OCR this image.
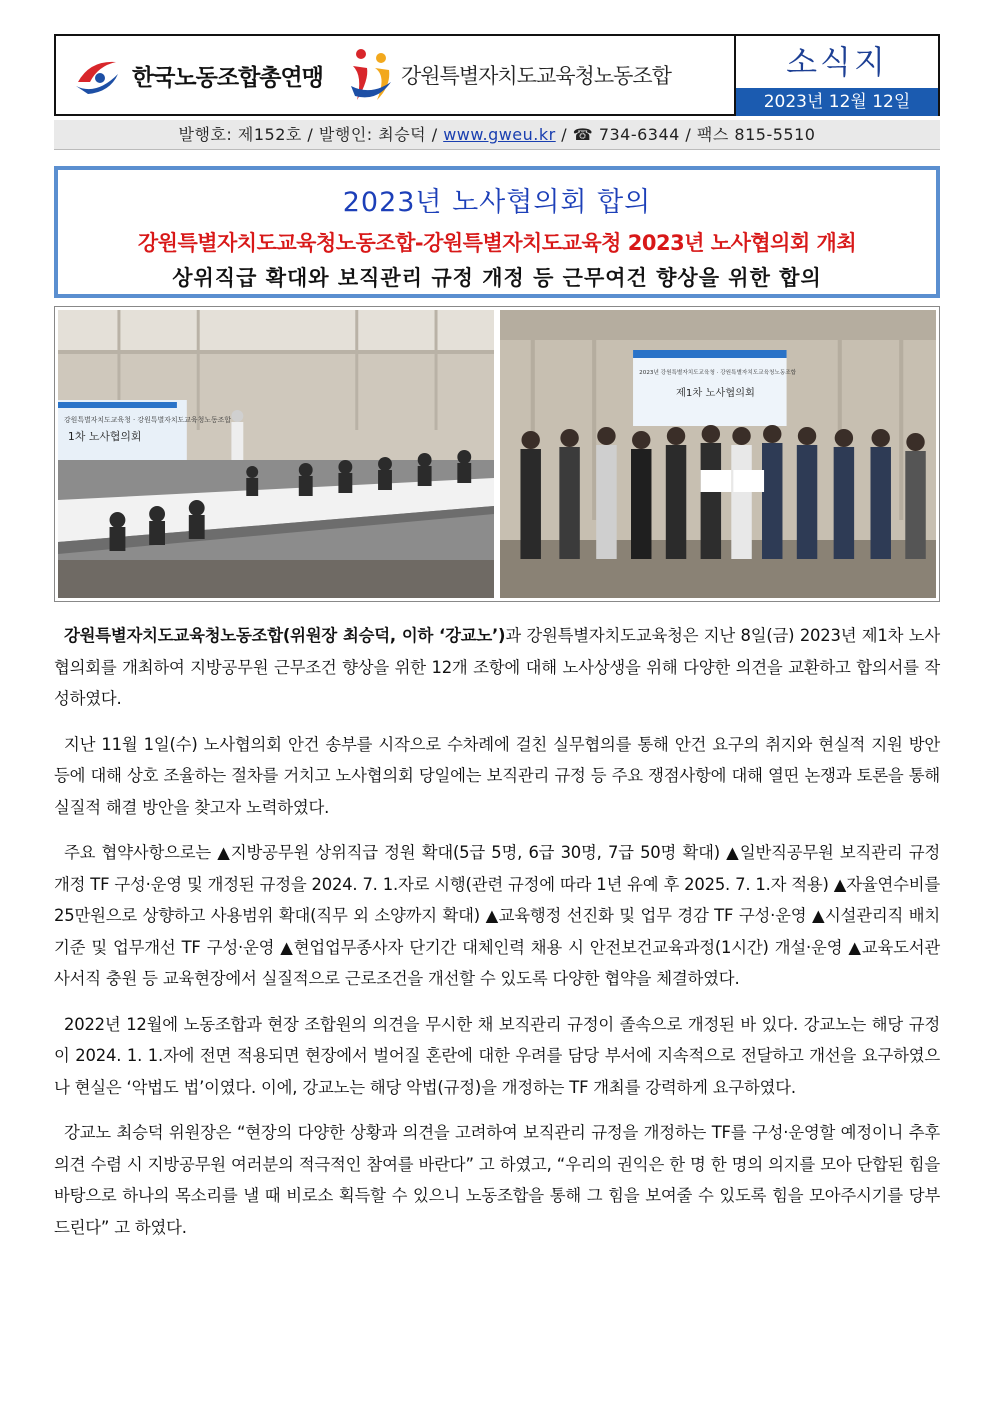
한국노동조합총연맹	강원특별자치도교육청노동조합	소식지
2023년 12월 12일
발행호: 제152호 / 발행인: 최승덕 / www.gweu.kr / ☎ 734-6344 / 팩스 815-5510
2023년 노사협의회 합의
강원특별자치도교육청노동조합-강원특별자치도교육청 2023년 노사협의회 개최
상위직급 확대와 보직관리 규정 개정 등 근무여건 향상을 위한 합의
강원특별자치도교육청 · 강원특별자치도교육청노동조합
1차 노사협의회
2023년 강원특별자치도교육청 · 강원특별자치도교육청노동조합
제1차 노사협의회

강원특별자치도교육청노동조합(위원장 최승덕, 이하 ‘강교노’)과 강원특별자치도교육청은 지난 8일(금) 2023년 제1차 노사협의회를 개최하여 지방공무원 근무조건 향상을 위한 12개 조항에 대해 노사상생을 위해 다양한 의견을 교환하고 합의서를 작성하였다.

지난 11월 1일(수) 노사협의회 안건 송부를 시작으로 수차례에 걸친 실무협의를 통해 안건 요구의 취지와 현실적 지원 방안 등에 대해 상호 조율하는 절차를 거치고 노사협의회 당일에는 보직관리 규정 등 주요 쟁점사항에 대해 열띤 논쟁과 토론을 통해 실질적 해결 방안을 찾고자 노력하였다.

주요 협약사항으로는 ▲지방공무원 상위직급 정원 확대(5급 5명, 6급 30명, 7급 50명 확대) ▲일반직공무원 보직관리 규정 개정 TF 구성·운영 및 개정된 규정을 2024. 7. 1.자로 시행(관련 규정에 따라 1년 유예 후 2025. 7. 1.자 적용) ▲자율연수비를 25만원으로 상향하고 사용범위 확대(직무 외 소양까지 확대) ▲교육행정 선진화 및 업무 경감 TF 구성·운영 ▲시설관리직 배치기준 및 업무개선 TF 구성·운영 ▲현업업무종사자 단기간 대체인력 채용 시 안전보건교육과정(1시간) 개설·운영 ▲교육도서관 사서직 충원 등 교육현장에서 실질적으로 근로조건을 개선할 수 있도록 다양한 협약을 체결하였다.

2022년 12월에 노동조합과 현장 조합원의 의견을 무시한 채 보직관리 규정이 졸속으로 개정된 바 있다. 강교노는 해당 규정이 2024. 1. 1.자에 전면 적용되면 현장에서 벌어질 혼란에 대한 우려를 담당 부서에 지속적으로 전달하고 개선을 요구하였으나 현실은 ‘악법도 법’이였다. 이에, 강교노는 해당 악법(규정)을 개정하는 TF 개최를 강력하게 요구하였다.

강교노 최승덕 위원장은 “현장의 다양한 상황과 의견을 고려하여 보직관리 규정을 개정하는 TF를 구성·운영할 예정이니 추후 의견 수렴 시 지방공무원 여러분의 적극적인 참여를 바란다” 고 하였고, “우리의 권익은 한 명 한 명의 의지를 모아 단합된 힘을 바탕으로 하나의 목소리를 낼 때 비로소 획득할 수 있으니 노동조합을 통해 그 힘을 보여줄 수 있도록 힘을 모아주시기를 당부드린다” 고 하였다.
